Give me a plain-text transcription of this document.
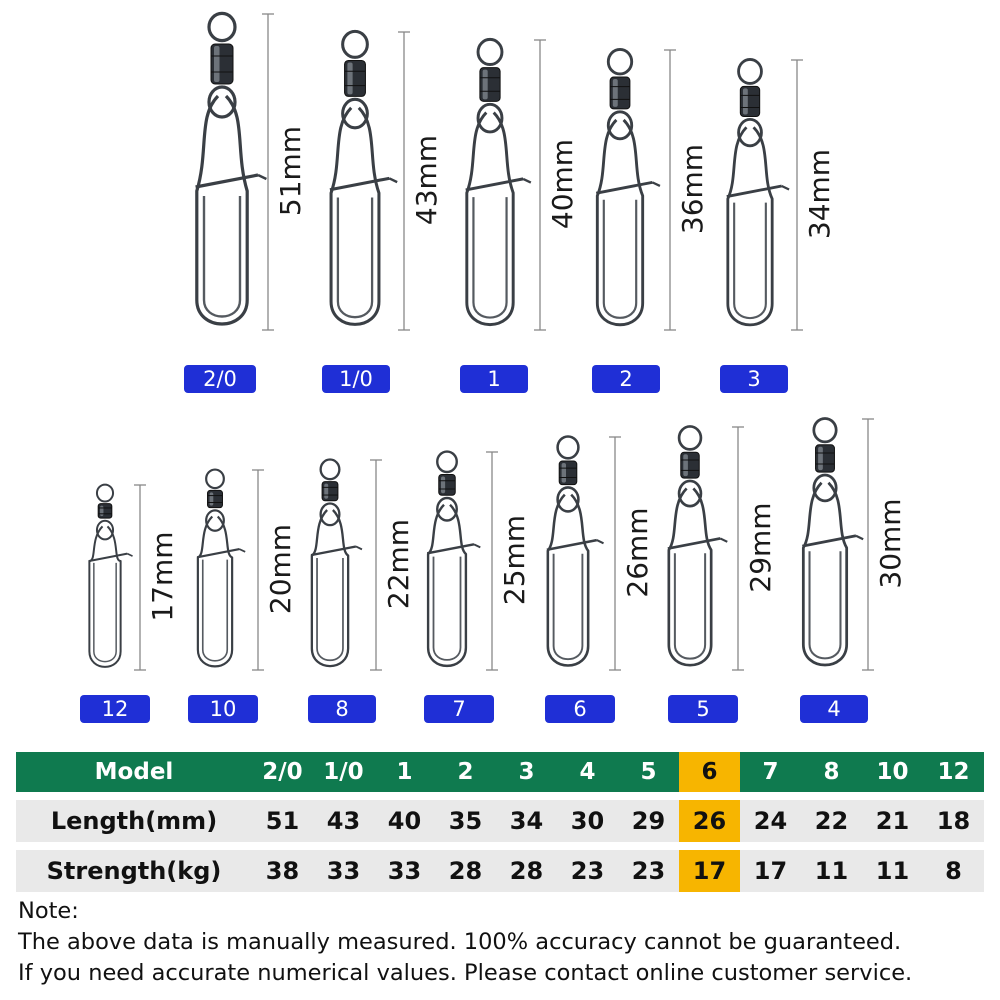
51mm	43mm	40mm	36mm	34mm
17mm	20mm	22mm	25mm	26mm	29mm	30mm
2/0	1/0	1	2	3
12	10	8	7	6	5	4
Model	2/0	1/0	1	2	3	4	5	6	7	8	10	12
Length(mm)	51	43	40	35	34	30	29	26	24	22	21	18
Strength(kg)	38	33	33	28	28	23	23	17	17	11	11	8
Note:
The above data is manually measured. 100% accuracy cannot be guaranteed.
If you need accurate numerical values. Please contact online customer service.
